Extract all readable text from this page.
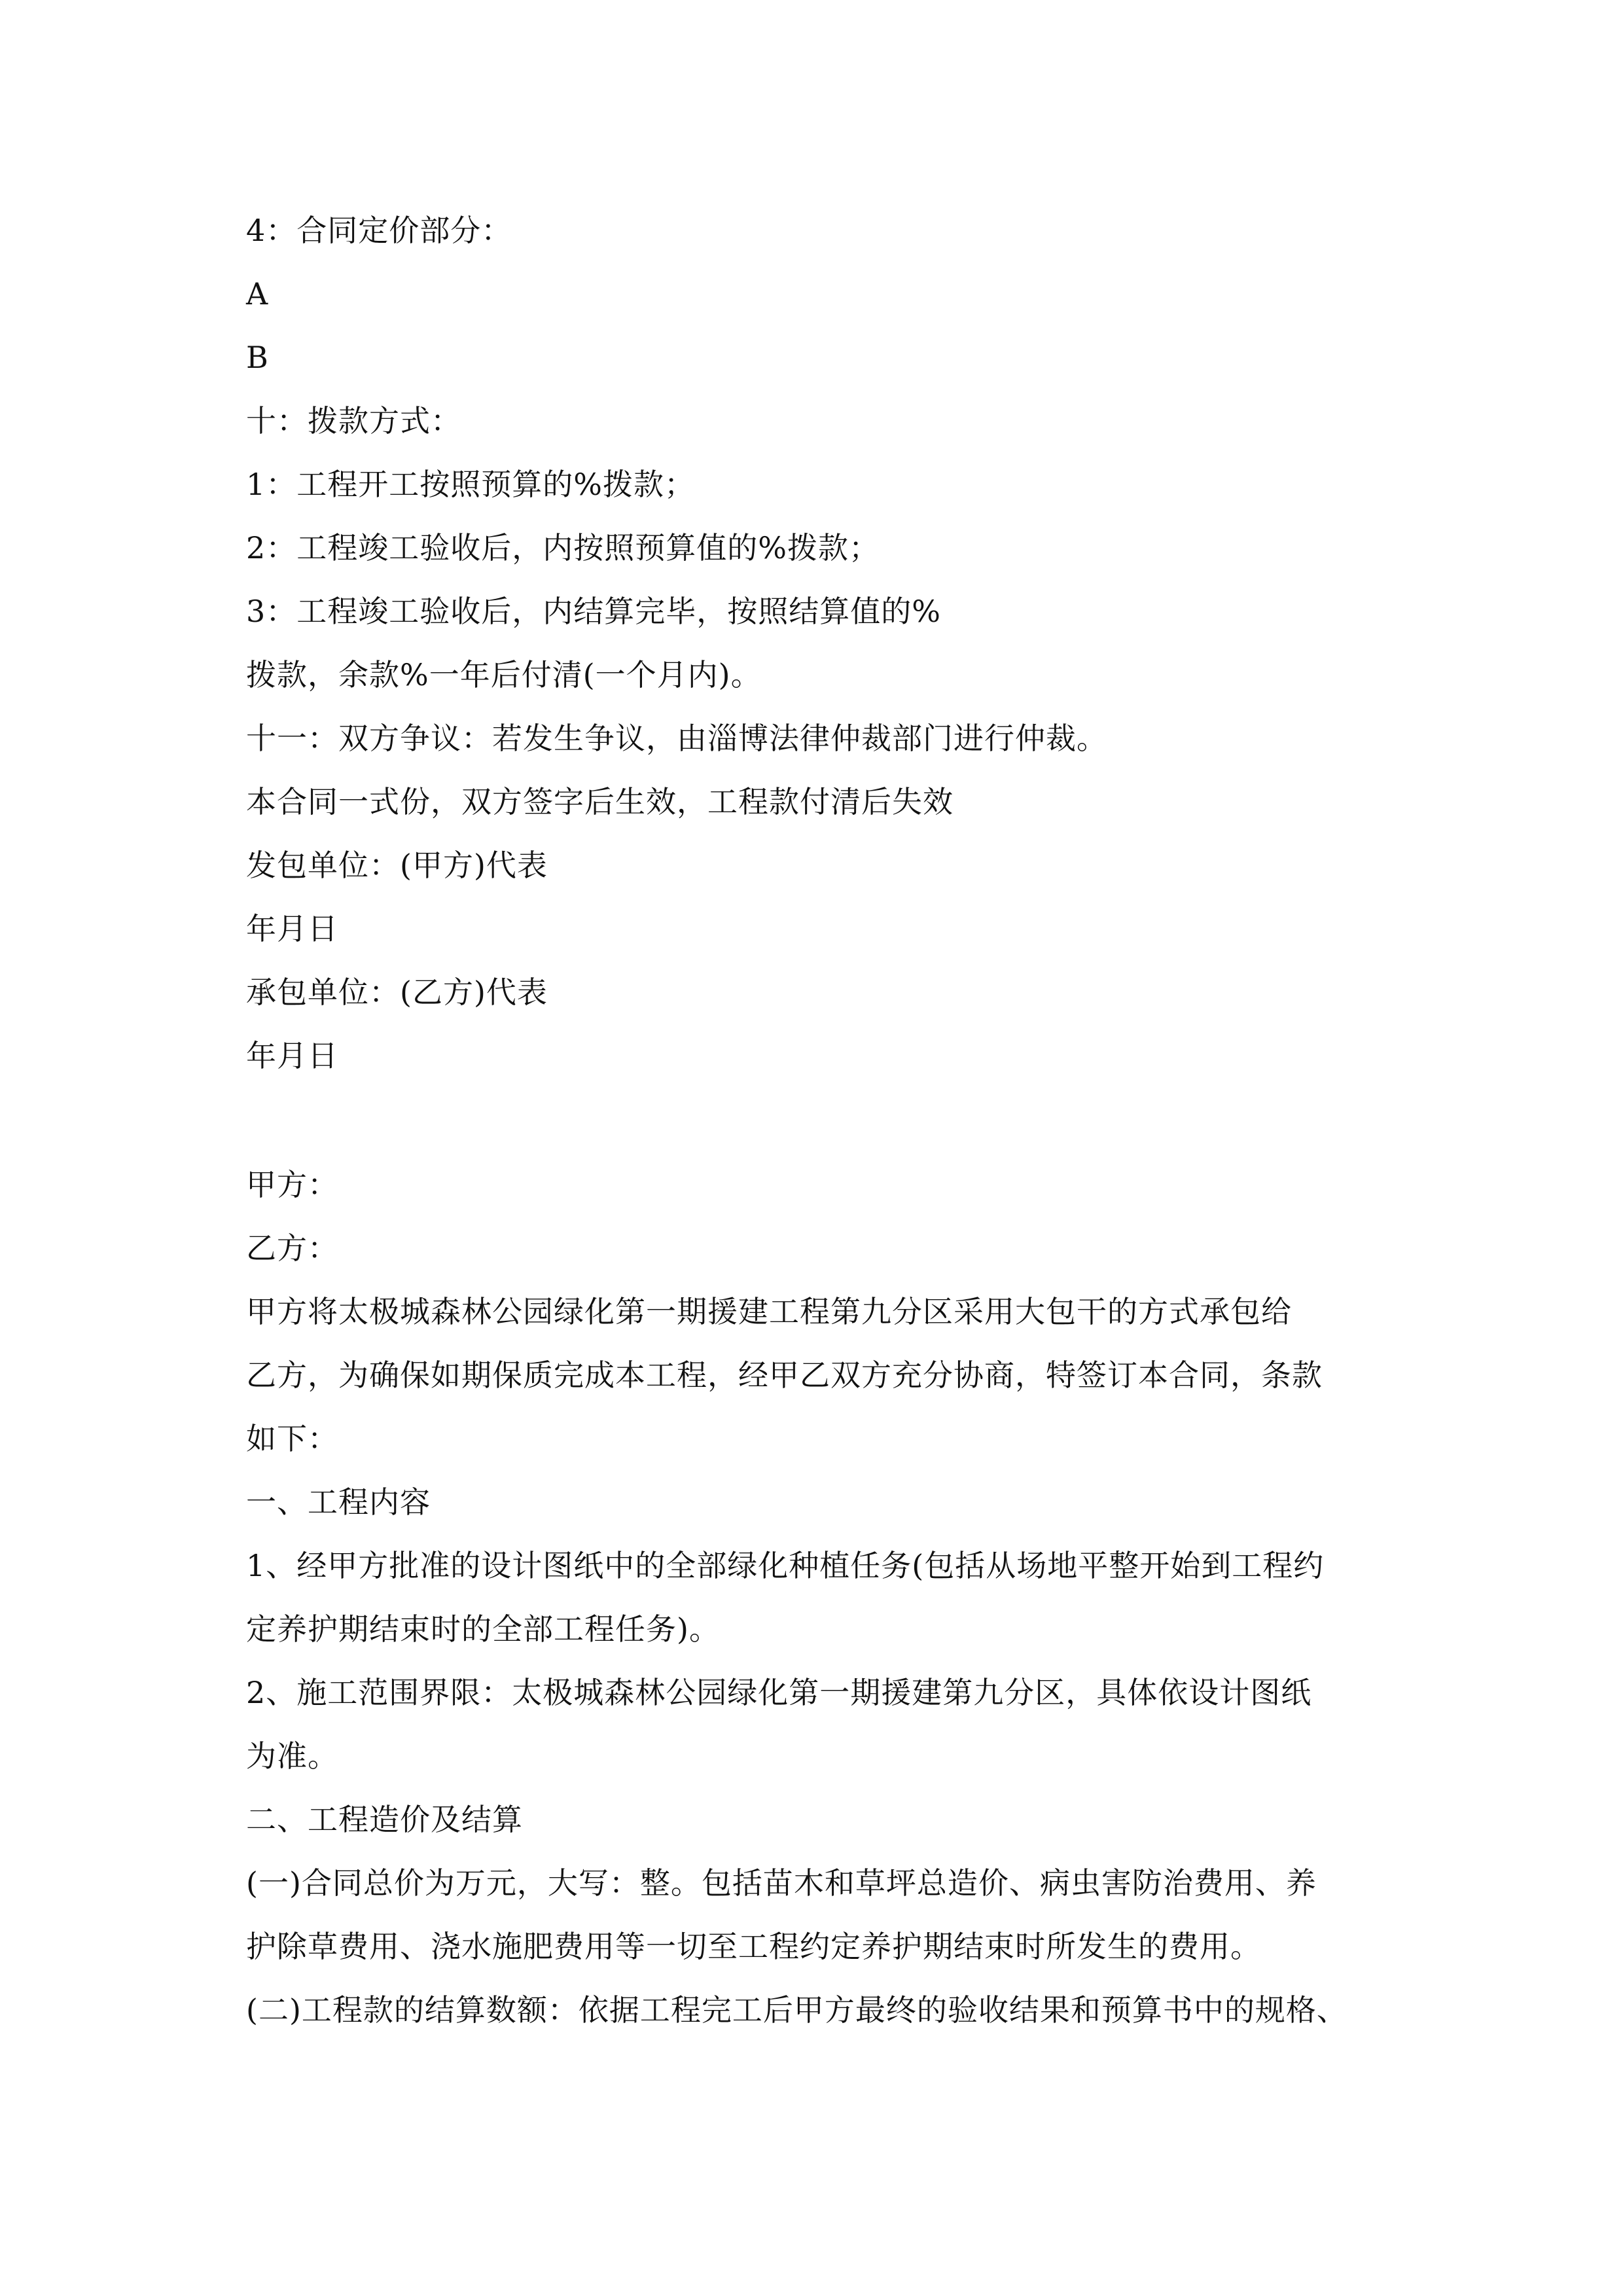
4：合同定价部分：
A
B
十：拨款方式：
1：工程开工按照预算的%拨款；
2：工程竣工验收后，内按照预算值的%拨款；
3：工程竣工验收后，内结算完毕，按照结算值的%
拨款，余款%一年后付清(一个月内)。
十一：双方争议：若发生争议，由淄博法律仲裁部门进行仲裁。
本合同一式份，双方签字后生效，工程款付清后失效
发包单位：(甲方)代表
年月日
承包单位：(乙方)代表
年月日
甲方：
乙方：
甲方将太极城森林公园绿化第一期援建工程第九分区采用大包干的方式承包给
乙方，为确保如期保质完成本工程，经甲乙双方充分协商，特签订本合同，条款
如下：
一、工程内容
1、经甲方批准的设计图纸中的全部绿化种植任务(包括从场地平整开始到工程约
定养护期结束时的全部工程任务)。
2、施工范围界限：太极城森林公园绿化第一期援建第九分区，具体依设计图纸
为准。
二、工程造价及结算
(一)合同总价为万元，大写：整。包括苗木和草坪总造价、病虫害防治费用、养
护除草费用、浇水施肥费用等一切至工程约定养护期结束时所发生的费用。
(二)工程款的结算数额：依据工程完工后甲方最终的验收结果和预算书中的规格、
